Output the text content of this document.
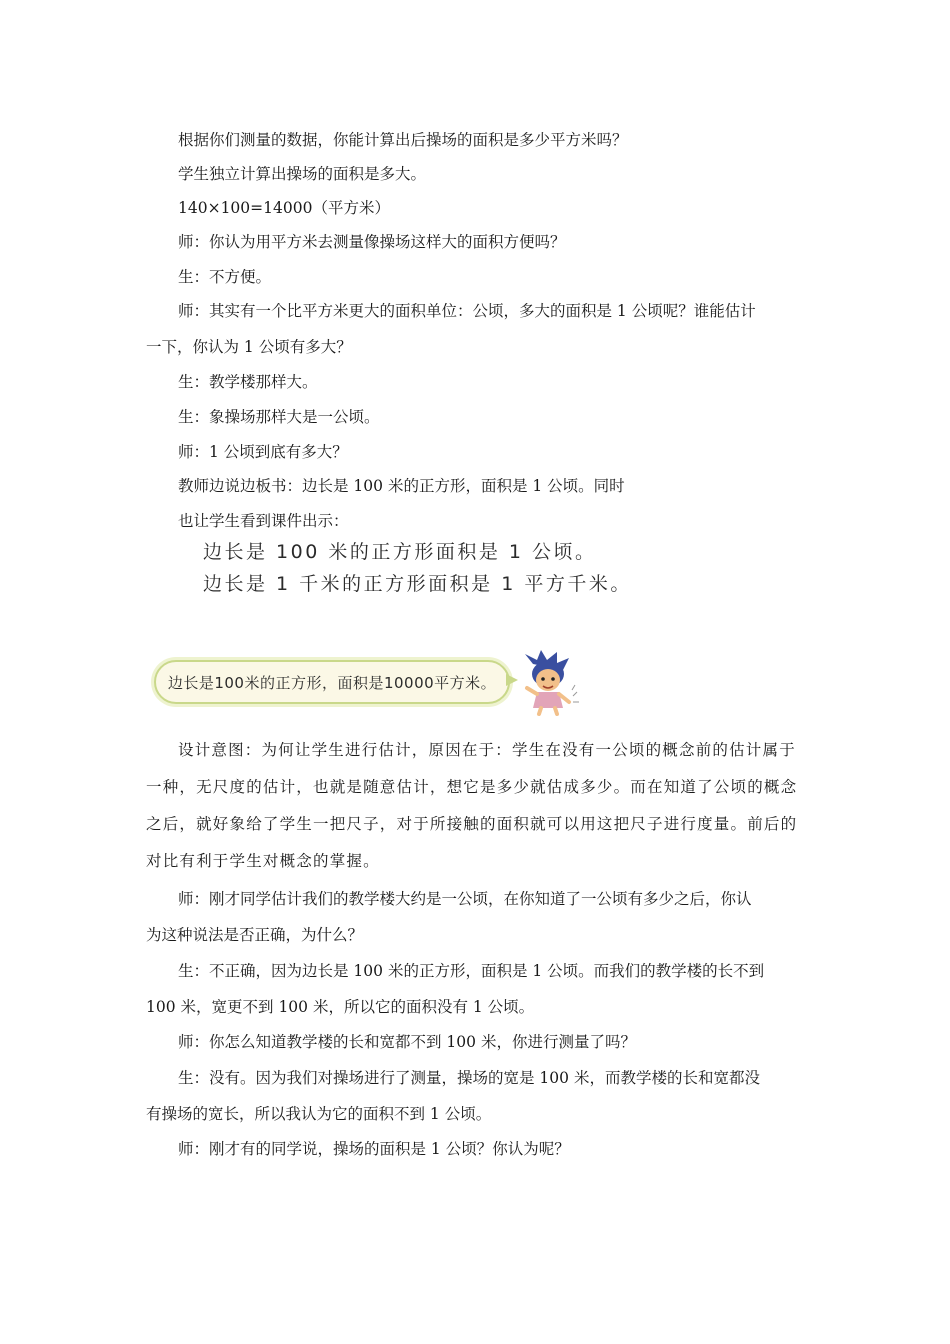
根据你们测量的数据，你能计算出后操场的面积是多少平方米吗？
学生独立计算出操场的面积是多大。
140×100=14000（平方米）
师：你认为用平方米去测量像操场这样大的面积方便吗？
生：不方便。
师：其实有一个比平方米更大的面积单位：公顷，多大的面积是 1 公顷呢？谁能估计
一下，你认为 1 公顷有多大？
生：教学楼那样大。
生：象操场那样大是一公顷。
师：1 公顷到底有多大？
教师边说边板书：边长是 100 米的正方形，面积是 1 公顷。同时
也让学生看到课件出示：
边长是 100 米的正方形面积是 1 公顷。
边长是 1 千米的正方形面积是 1 平方千米。
边长是100米的正方形，面积是10000平方米。
设计意图：为何让学生进行估计，原因在于：学生在没有一公顷的概念前的估计属于
一种，无尺度的估计，也就是随意估计，想它是多少就估成多少。而在知道了公顷的概念
之后，就好象给了学生一把尺子，对于所接触的面积就可以用这把尺子进行度量。前后的
对比有利于学生对概念的掌握。
师：刚才同学估计我们的教学楼大约是一公顷，在你知道了一公顷有多少之后，你认
为这种说法是否正确，为什么？
生：不正确，因为边长是 100 米的正方形，面积是 1 公顷。而我们的教学楼的长不到
100 米，宽更不到 100 米，所以它的面积没有 1 公顷。
师：你怎么知道教学楼的长和宽都不到 100 米，你进行测量了吗？
生：没有。因为我们对操场进行了测量，操场的宽是 100 米，而教学楼的长和宽都没
有操场的宽长，所以我认为它的面积不到 1 公顷。
师：刚才有的同学说，操场的面积是 1 公顷？你认为呢？
